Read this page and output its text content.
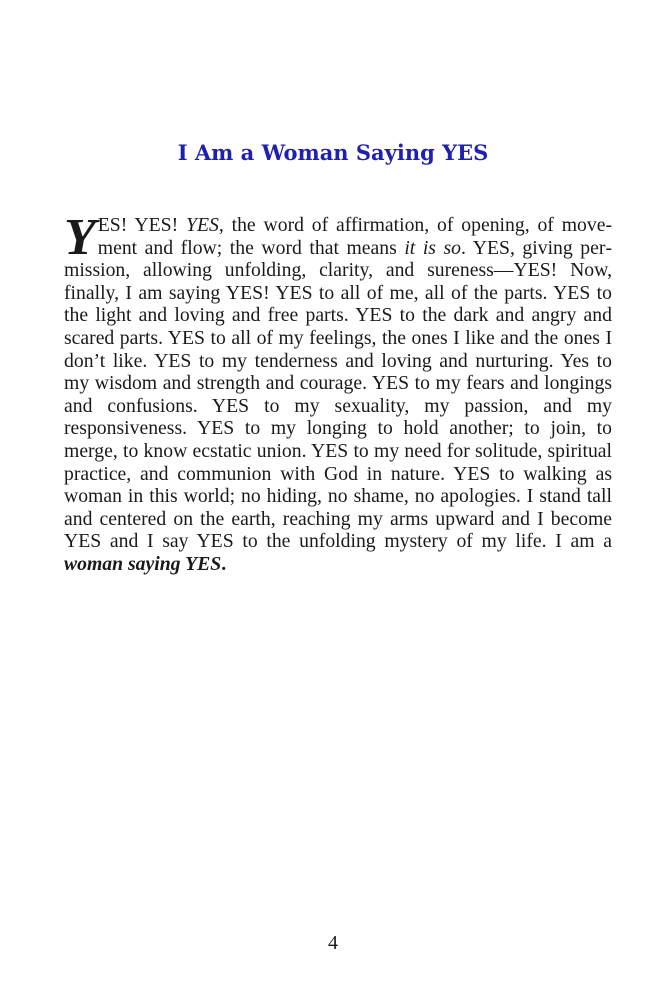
I Am a Woman Saying YES

YES! YES! YES, the word of affirmation, of opening, of movement and flow; the word that means it is so. YES, giving permission, allowing unfolding, clarity, and sureness—YES! Now, finally, I am saying YES! YES to all of me, all of the parts. YES to the light and loving and free parts. YES to the dark and angry and scared parts. YES to all of my feelings, the ones I like and the ones I don’t like. YES to my tenderness and loving and nurturing. Yes to my wisdom and strength and courage. YES to my fears and longings and confusions. YES to my sexuality, my passion, and my responsiveness. YES to my longing to hold another; to join, to merge, to know ecstatic union. YES to my need for solitude, spiritual practice, and communion with God in nature. YES to walking as woman in this world; no hiding, no shame, no apologies. I stand tall and centered on the earth, reaching my arms upward and I become YES and I say YES to the unfolding mystery of my life. I am a woman saying YES.

4
